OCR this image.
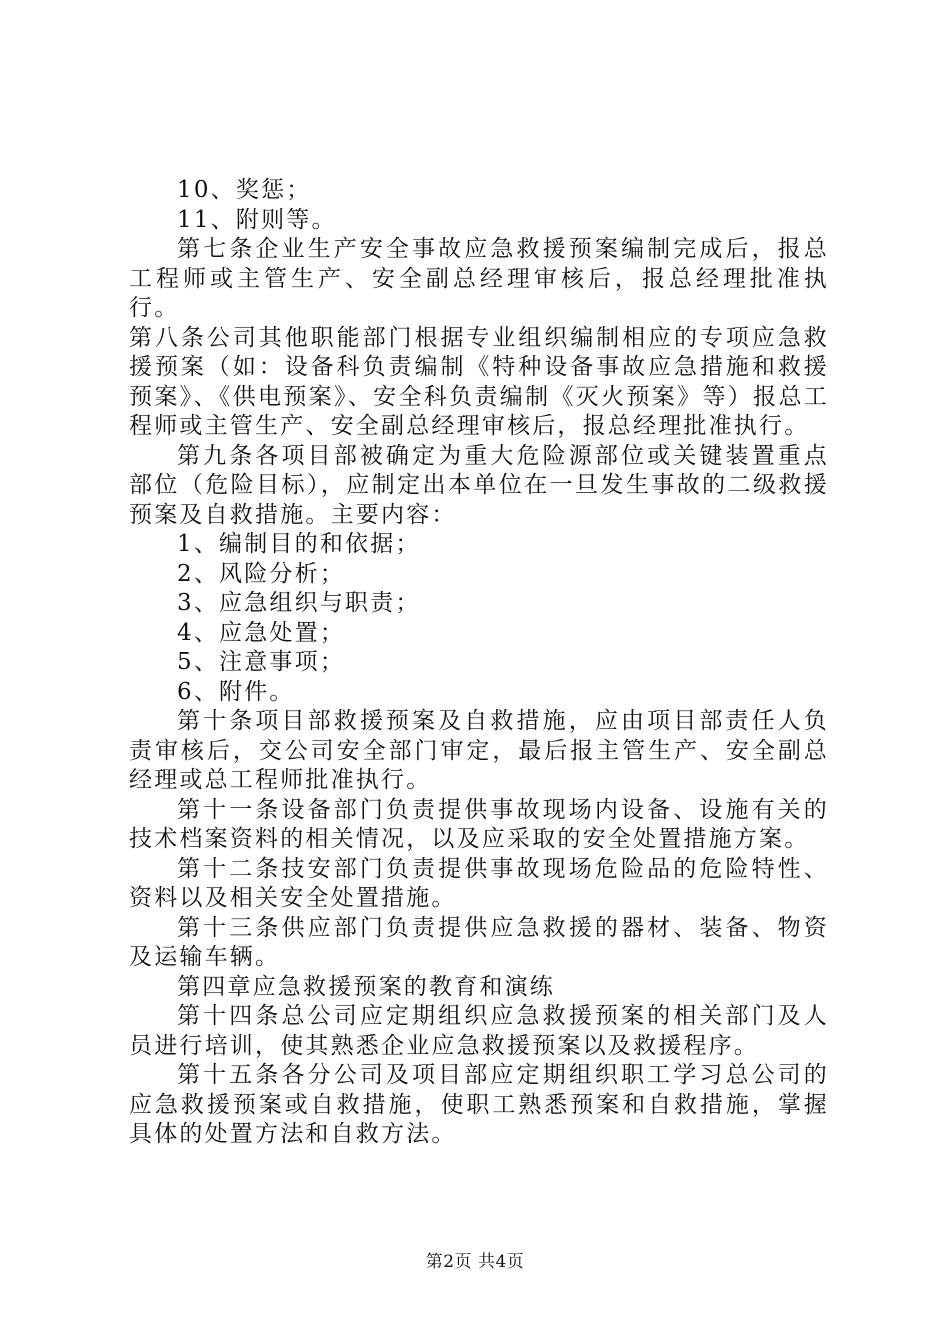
10、奖惩；

11、附则等。

第七条企业生产安全事故应急救援预案编制完成后，报总工程师或主管生产、安全副总经理审核后，报总经理批准执行。

第八条公司其他职能部门根据专业组织编制相应的专项应急救援预案（如：设备科负责编制《特种设备事故应急措施和救援预案》、《供电预案》、安全科负责编制《灭火预案》等）报总工程师或主管生产、安全副总经理审核后，报总经理批准执行。

第九条各项目部被确定为重大危险源部位或关键装置重点部位（危险目标），应制定出本单位在一旦发生事故的二级救援预案及自救措施。主要内容：

1、编制目的和依据；

2、风险分析；

3、应急组织与职责；

4、应急处置；

5、注意事项；

6、附件。

第十条项目部救援预案及自救措施，应由项目部责任人负责审核后，交公司安全部门审定，最后报主管生产、安全副总经理或总工程师批准执行。

第十一条设备部门负责提供事故现场内设备、设施有关的技术档案资料的相关情况，以及应采取的安全处置措施方案。

第十二条技安部门负责提供事故现场危险品的危险特性、资料以及相关安全处置措施。

第十三条供应部门负责提供应急救援的器材、装备、物资及运输车辆。

第四章应急救援预案的教育和演练

第十四条总公司应定期组织应急救援预案的相关部门及人员进行培训，使其熟悉企业应急救援预案以及救援程序。

第十五条各分公司及项目部应定期组织职工学习总公司的应急救援预案或自救措施，使职工熟悉预案和自救措施，掌握具体的处置方法和自救方法。

第2页 共4页
